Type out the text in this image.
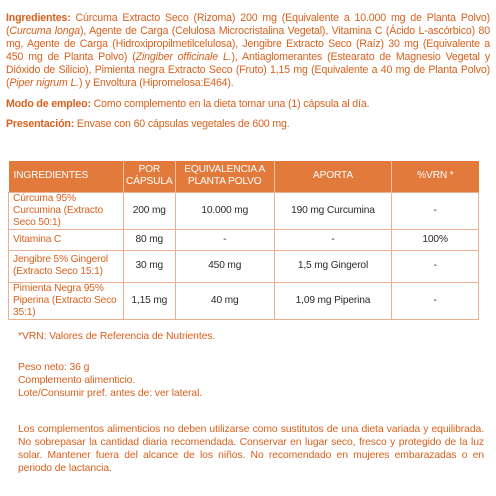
Ingredientes: Cúrcuma Extracto Seco (Rizoma) 200 mg (Equivalente a 10.000 mg de Planta Polvo) (Curcuma longa), Agente de Carga (Celulosa Microcristalina Vegetal), Vitamina C (Ácido L-ascórbico) 80 mg, Agente de Carga (Hidroxipropilmetilcelulosa), Jengibre Extracto Seco (Raíz) 30 mg (Equivalente a 450 mg de Planta Polvo) (Zingiber officinale L.), Antiaglomerantes (Estearato de Magnesio Vegetal y Dióxido de Silicio), Pimienta negra Extracto Seco (Fruto) 1,15 mg (Equivalente a 40 mg de Planta Polvo) (Piper nigrum L.) y Envoltura (Hipromelosa:E464).

Modo de empleo: Como complemento en la dieta tomar una (1) cápsula al día.

Presentación: Envase con 60 cápsulas vegetales de 600 mg.

INGREDIENTES	POR CÁPSULA	EQUIVALENCIA A PLANTA POLVO	APORTA	%VRN *
Cúrcuma 95% Curcumina (Extracto Seco 50:1)	200 mg	10.000 mg	190 mg Curcumina	-
Vitamina C	80 mg	-	-	100%
Jengibre 5% Gingerol (Extracto Seco 15:1)	30 mg	450 mg	1,5 mg Gingerol	-
Pimienta Negra 95% Piperina (Extracto Seco 35:1)	1,15 mg	40 mg	1,09 mg Piperina	-
*VRN: Valores de Referencia de Nutrientes.
Peso neto: 36 g
Complemento alimenticio.
Lote/Consumir pref. antes de: ver lateral.

Los complementos alimenticios no deben utilizarse como sustitutos de una dieta variada y equilibrada. No sobrepasar la cantidad diaria recomendada. Conservar en lugar seco, fresco y protegido de la luz solar. Mantener fuera del alcance de los niños. No recomendado en mujeres embarazadas o en periodo de lactancia.
